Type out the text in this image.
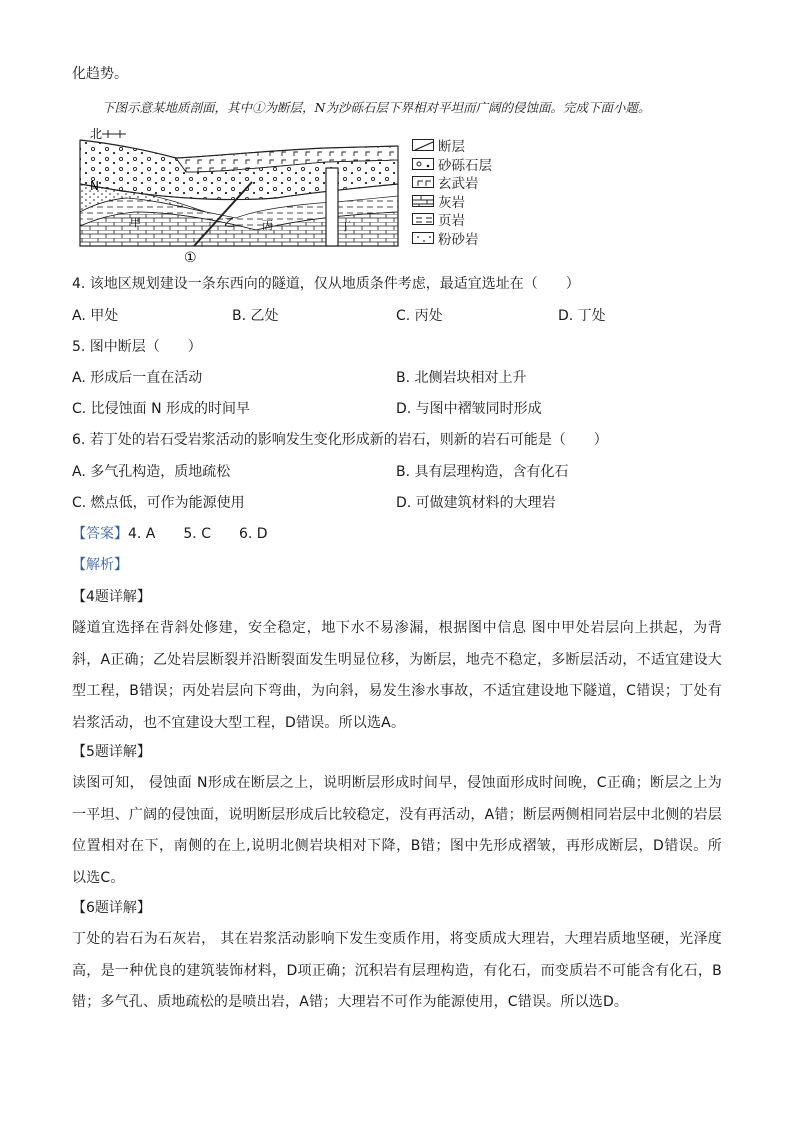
化趋势。
下图示意某地质剖面，其中①为断层，N为沙砾石层下界相对平坦而广阔的侵蚀面。完成下面小题。
北
N
甲	乙 丙	丁
①
断层
砂砾石层
玄武岩
灰岩
页岩
粉砂岩
4. 该地区规划建设一条东西向的隧道，仅从地质条件考虑，最适宜选址在（　　）
A. 甲处	B. 乙处	C. 丙处	D. 丁处
5. 图中断层（　　）
A. 形成后一直在活动	B. 北侧岩块相对上升
C. 比侵蚀面 N 形成的时间早	D. 与图中褶皱同时形成
6. 若丁处的岩石受岩浆活动的影响发生变化形成新的岩石，则新的岩石可能是（　　）
A. 多气孔构造，质地疏松	B. 具有层理构造，含有化石
C. 燃点低，可作为能源使用	D. 可做建筑材料的大理岩
【答案】4. A　　5. C　　6. D
【解析】
【4题详解】
隧道宜选择在背斜处修建，安全稳定，地下水不易渗漏，根据图中信息 图中甲处岩层向上拱起，为背斜，A正确；乙处岩层断裂并沿断裂面发生明显位移，为断层，地壳不稳定，多断层活动，不适宜建设大型工程，B错误；丙处岩层向下弯曲，为向斜，易发生渗水事故，不适宜建设地下隧道，C错误；丁处有岩浆活动，也不宜建设大型工程，D错误。所以选A。
【5题详解】
读图可知， 侵蚀面 N形成在断层之上，说明断层形成时间早，侵蚀面形成时间晚，C正确；断层之上为一平坦、广阔的侵蚀面，说明断层形成后比较稳定，没有再活动，A错；断层两侧相同岩层中北侧的岩层位置相对在下，南侧的在上,说明北侧岩块相对下降，B错；图中先形成褶皱，再形成断层，D错误。所以选C。
【6题详解】
丁处的岩石为石灰岩， 其在岩浆活动影响下发生变质作用，将变质成大理岩，大理岩质地坚硬，光泽度高，是一种优良的建筑装饰材料，D项正确；沉积岩有层理构造，有化石，而变质岩不可能含有化石，B错；多气孔、质地疏松的是喷出岩，A错；大理岩不可作为能源使用，C错误。所以选D。
